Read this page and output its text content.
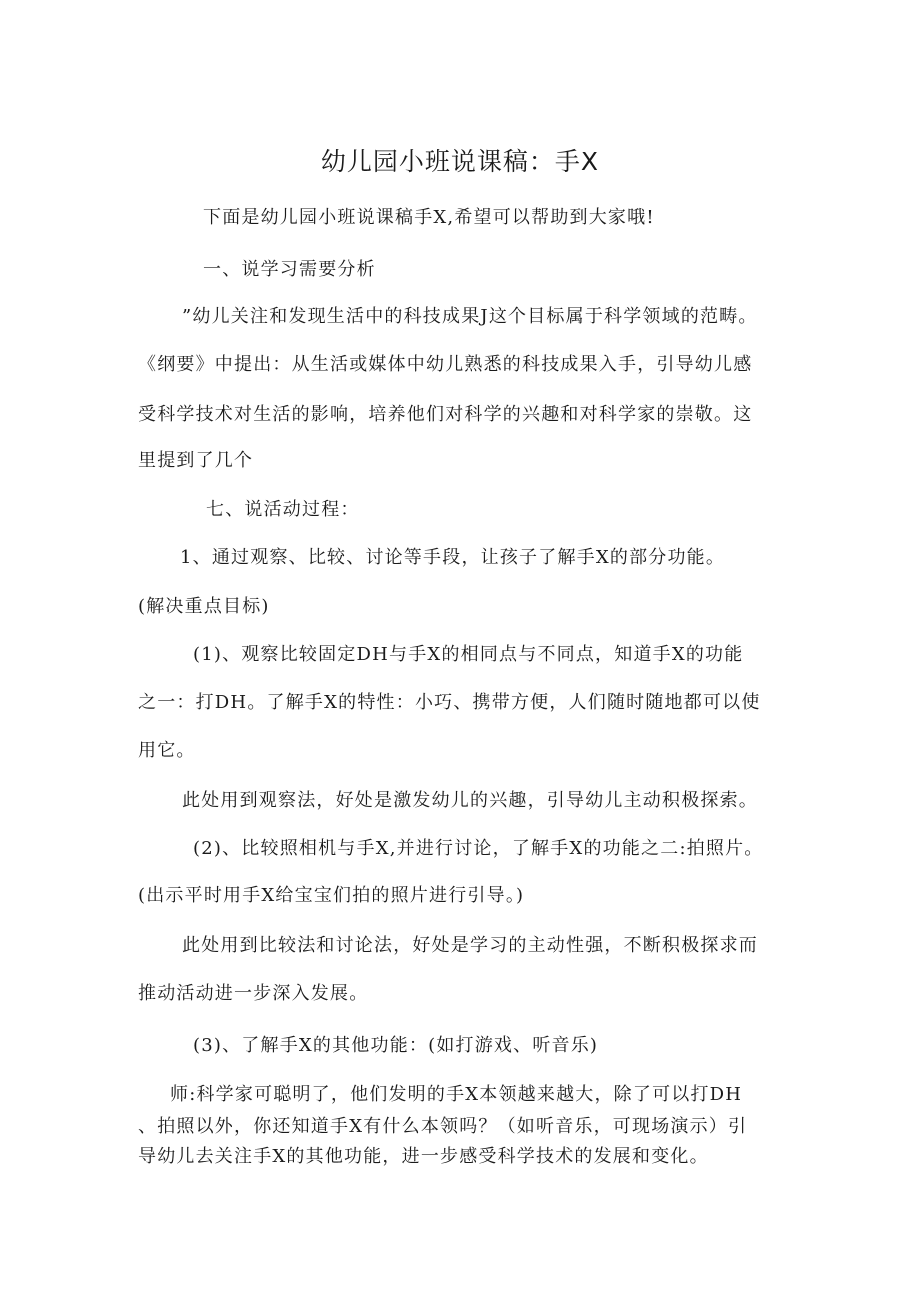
幼儿园小班说课稿：手X

下面是幼儿园小班说课稿手X,希望可以帮助到大家哦!

一、说学习需要分析

”幼儿关注和发现生活中的科技成果J这个目标属于科学领域的范畴。

《纲要》中提出：从生活或媒体中幼儿熟悉的科技成果入手，引导幼儿感

受科学技术对生活的影响，培养他们对科学的兴趣和对科学家的崇敬。这

里提到了几个

七、说活动过程：

1、通过观察、比较、讨论等手段，让孩子了解手X的部分功能。

(解决重点目标)

(1)、观察比较固定DH与手X的相同点与不同点，知道手X的功能

之一：打DH。了解手X的特性：小巧、携带方便，人们随时随地都可以使

用它。

此处用到观察法，好处是激发幼儿的兴趣，引导幼儿主动积极探索。

(2)、比较照相机与手X,并进行讨论，了解手X的功能之二:拍照片。

(出示平时用手X给宝宝们拍的照片进行引导。)

此处用到比较法和讨论法，好处是学习的主动性强，不断积极探求而

推动活动进一步深入发展。

(3)、了解手X的其他功能：(如打游戏、听音乐)

师:科学家可聪明了，他们发明的手X本领越来越大，除了可以打DH

、拍照以外，你还知道手X有什么本领吗？（如听音乐，可现场演示）引

导幼儿去关注手X的其他功能，进一步感受科学技术的发展和变化。
